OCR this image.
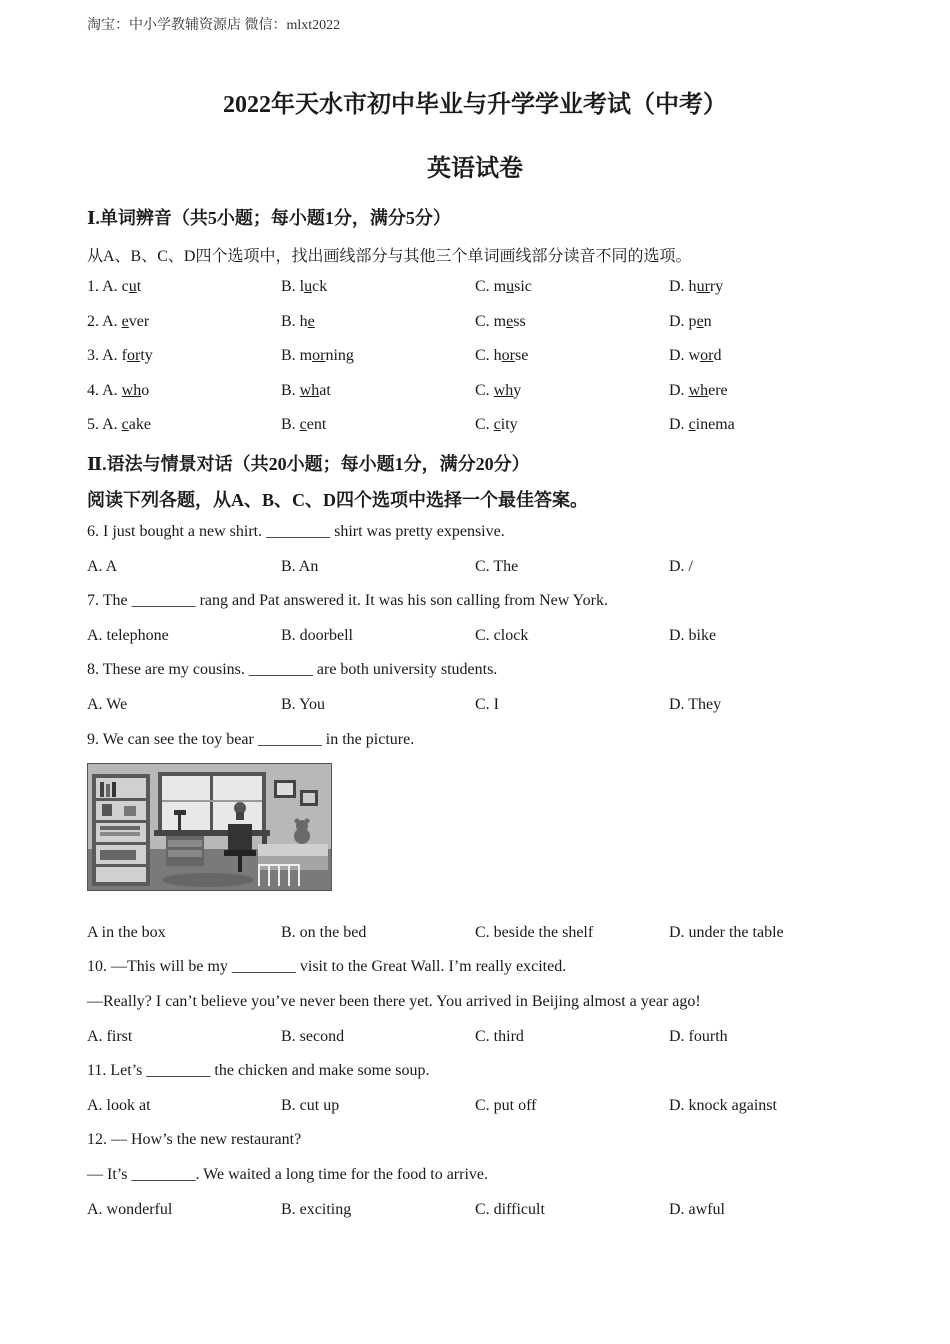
淘宝：中小学教辅资源店 微信：mlxt2022
2022年天水市初中毕业与升学学业考试（中考）
英语试卷
Ⅰ.单词辨音（共5小题；每小题1分，满分5分）
从A、B、C、D四个选项中，找出画线部分与其他三个单词画线部分读音不同的选项。
1. A. cut	B. luck	C. music	D. hurry
2. A. ever	B. he	C. mess	D. pen
3. A. forty	B. morning	C. horse	D. word
4. A. who	B. what	C. why	D. where
5. A. cake	B. cent	C. city	D. cinema
Ⅱ.语法与情景对话（共20小题；每小题1分，满分20分）
阅读下列各题，从A、B、C、D四个选项中选择一个最佳答案。
6. I just bought a new shirt. ________ shirt was pretty expensive.
A. A	B. An	C. The	D. /
7. The ________ rang and Pat answered it. It was his son calling from New York.
A. telephone	B. doorbell	C. clock	D. bike
8. These are my cousins. ________ are both university students.
A. We	B. You	C. I	D. They
9. We can see the toy bear ________ in the picture.
A in the box	B. on the bed	C. beside the shelf	D. under the table
10. —This will be my ________ visit to the Great Wall. I’m really excited.
—Really? I can’t believe you’ve never been there yet. You arrived in Beijing almost a year ago!
A. first	B. second	C. third	D. fourth
11. Let’s ________ the chicken and make some soup.
A. look at	B. cut up	C. put off	D. knock against
12. — How’s the new restaurant?
— It’s ________. We waited a long time for the food to arrive.
A. wonderful	B. exciting	C. difficult	D. awful
